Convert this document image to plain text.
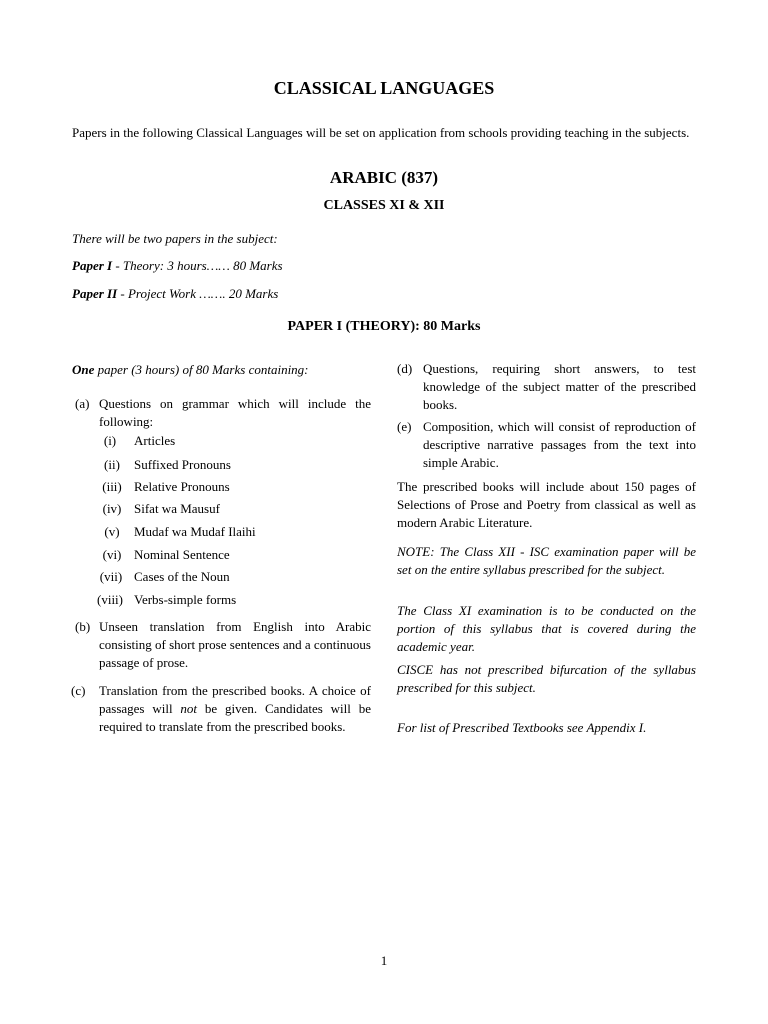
CLASSICAL LANGUAGES
Papers in the following Classical Languages will be set on application from schools providing teaching in the subjects.
ARABIC (837)
CLASSES XI & XII
There will be two papers in the subject:
Paper I - Theory: 3 hours…… 80 Marks
Paper II - Project Work ……. 20 Marks
PAPER I (THEORY): 80 Marks
One paper (3 hours) of 80 Marks containing:
(a) Questions on grammar which will include the following:
(i)	Articles
(ii)	Suffixed Pronouns
(iii) Relative Pronouns
(iv) Sifat wa Mausuf
(v)	Mudaf wa Mudaf Ilaihi
(vi) Nominal Sentence
(vii) Cases of the Noun
(viii) Verbs-simple forms
(b) Unseen translation from English into Arabic consisting of short prose sentences and a continuous passage of prose.
(c) Translation from the prescribed books. A choice of passages will not be given. Candidates will be required to translate from the prescribed books.
(d) Questions, requiring short answers, to test knowledge of the subject matter of the prescribed books.
(e) Composition, which will consist of reproduction of descriptive narrative passages from the text into simple Arabic.
The prescribed books will include about 150 pages of Selections of Prose and Poetry from classical as well as modern Arabic Literature.
NOTE: The Class XII - ISC examination paper will be set on the entire syllabus prescribed for the subject.
The Class XI examination is to be conducted on the portion of this syllabus that is covered during the academic year.
CISCE has not prescribed bifurcation of the syllabus prescribed for this subject.
For list of Prescribed Textbooks see Appendix I.
1
